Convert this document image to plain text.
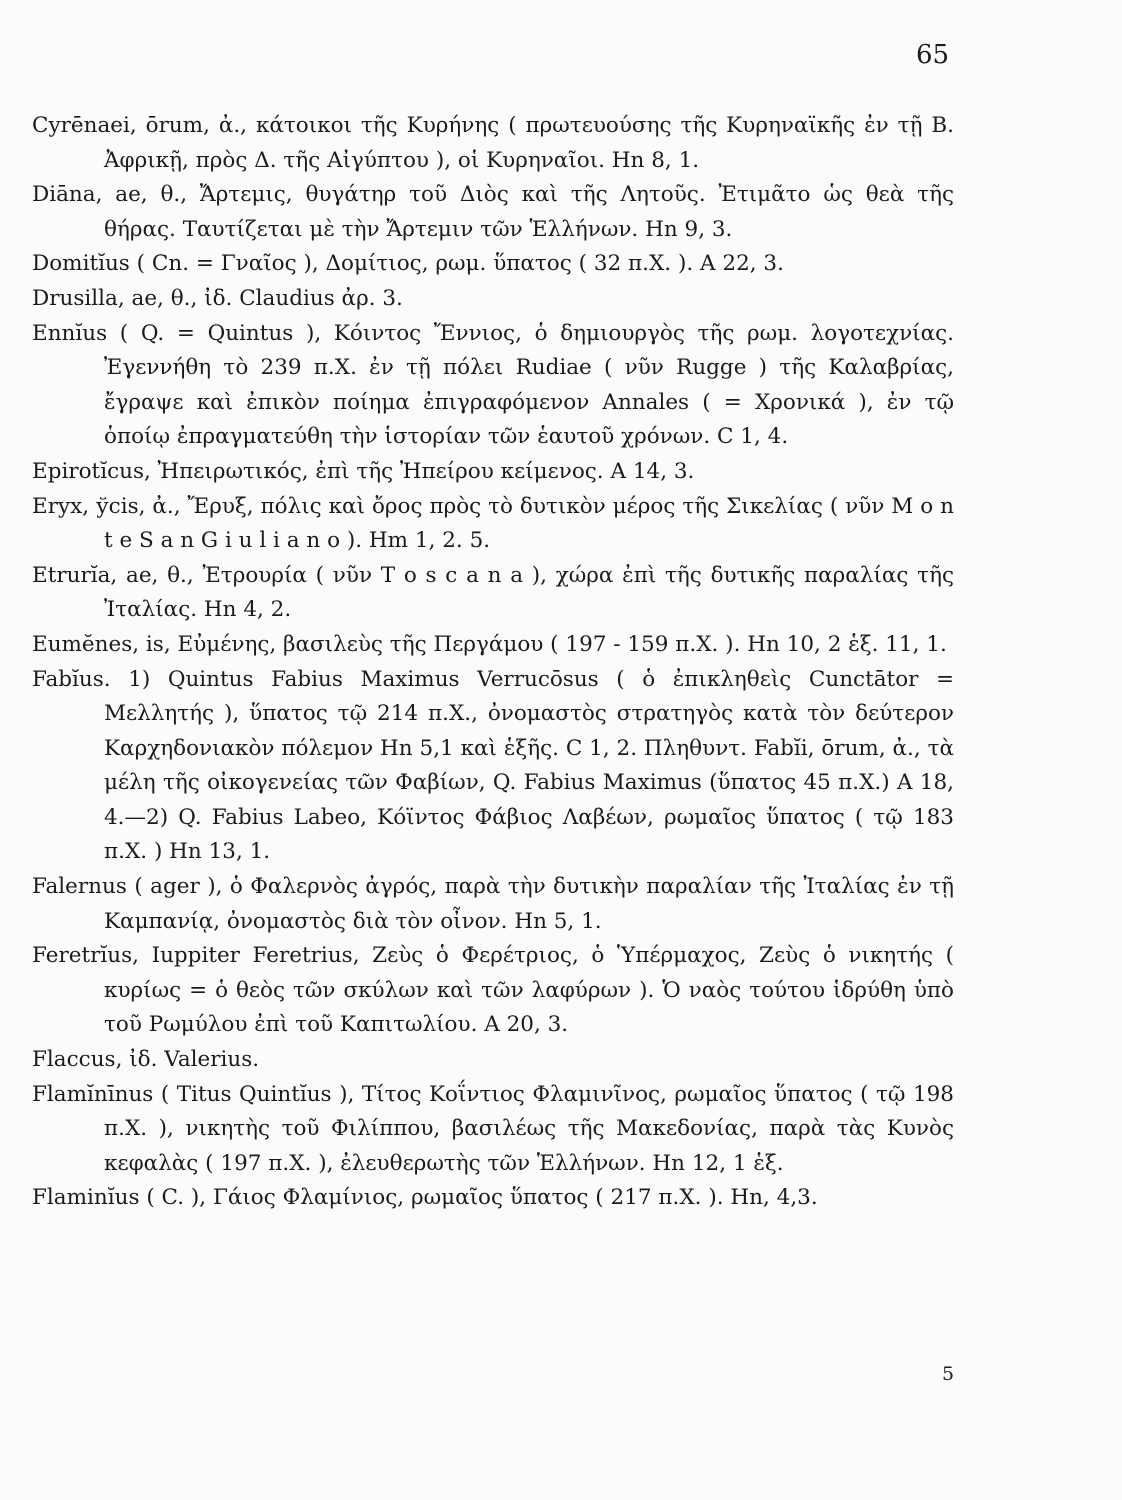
65

Cyrēnaei, ōrum, ἀ., κάτοικοι τῆς Κυρήνης ( πρωτευούσης τῆς Κυρηναϊκῆς ἐν τῇ Β. Ἀφρικῇ, πρὸς Δ. τῆς Αἰγύπτου ), οἱ Κυρηναῖοι. Hn 8, 1.

Diāna, ae, θ., Ἄρτεμις, θυγάτηρ τοῦ Διὸς καὶ τῆς Λητοῦς. Ἐτιμᾶτο ὡς θεὰ τῆς θήρας. Ταυτίζεται μὲ τὴν Ἄρτεμιν τῶν Ἑλλήνων. Hn 9, 3.

Domitĭus ( Cn. = Γναῖος ), Δομίτιος, ρωμ. ὕπατος ( 32 π.Χ. ). A 22, 3.

Drusilla, ae, θ., ἰδ. Claudius ἀρ. 3.

Ennĭus ( Q. = Quintus ), Κόιντος Ἔννιος, ὁ δημιουργὸς τῆς ρωμ. λογοτεχνίας. Ἐγεννήθη τὸ 239 π.Χ. ἐν τῇ πόλει Rudiae ( νῦν Rugge ) τῆς Καλαβρίας, ἔγραψε καὶ ἐπικὸν ποίημα ἐπιγραφόμενον Annales ( = Χρονικά ), ἐν τῷ ὁποίῳ ἐπραγματεύθη τὴν ἱστορίαν τῶν ἑαυτοῦ χρόνων. C 1, 4.

Epirotĭcus, Ἠπειρωτικός, ἐπὶ τῆς Ἠπείρου κείμενος. A 14, 3.

Eryx, ўcis, ἀ., Ἔρυξ, πόλις καὶ ὄρος πρὸς τὸ δυτικὸν μέρος τῆς Σικελίας ( νῦν M o n t e S a n G i u l i a n o ). Hm 1, 2. 5.

Etrurĭa, ae, θ., Ἐτρουρία ( νῦν T o s c a n a ), χώρα ἐπὶ τῆς δυτικῆς παραλίας τῆς Ἰταλίας. Hn 4, 2.

Eumĕnes, is, Εὐμένης, βασιλεὺς τῆς Περγάμου ( 197 - 159 π.Χ. ). Hn 10, 2 ἑξ. 11, 1.

Fabĭus. 1) Quintus Fabius Maximus Verrucōsus ( ὁ ἐπικληθεὶς Cunctātor = Μελλητής ), ὕπατος τῷ 214 π.Χ., ὀνομαστὸς στρατηγὸς κατὰ τὸν δεύτερον Καρχηδονιακὸν πόλεμον Hn 5,1 καὶ ἑξῆς. C 1, 2. Πληθυντ. Fabĭi, ōrum, ἀ., τὰ μέλη τῆς οἰκογενείας τῶν Φαβίων, Q. Fabius Maximus (ὕπατος 45 π.Χ.) A 18, 4.—2) Q. Fabius Labeo, Κόϊντος Φάβιος Λαβέων, ρωμαῖος ὕπατος ( τῷ 183 π.Χ. ) Hn 13, 1.

Falernus ( ager ), ὁ Φαλερνὸς ἀγρός, παρὰ τὴν δυτικὴν παραλίαν τῆς Ἰταλίας ἐν τῇ Καμπανίᾳ, ὀνομαστὸς διὰ τὸν οἶνον. Hn 5, 1.

Feretrĭus, Iuppiter Feretrius, Ζεὺς ὁ Φερέτριος, ὁ Ὑπέρμαχος, Ζεὺς ὁ νικητής ( κυρίως = ὁ θεὸς τῶν σκύλων καὶ τῶν λαφύρων ). Ὁ ναὸς τούτου ἱδρύθη ὑπὸ τοῦ Ρωμύλου ἐπὶ τοῦ Καπιτωλίου. A 20, 3.

Flaccus, ἰδ. Valerius.

Flamĭnīnus ( Titus Quintĭus ), Τίτος Κοΐντιος Φλαμινῖνος, ρωμαῖος ὕπατος ( τῷ 198 π.Χ. ), νικητὴς τοῦ Φιλίππου, βασιλέως τῆς Μακεδονίας, παρὰ τὰς Κυνὸς κεφαλὰς ( 197 π.Χ. ), ἐλευθερωτὴς τῶν Ἑλλήνων. Hn 12, 1 ἑξ.

Flaminĭus ( C. ), Γάιος Φλαμίνιος, ρωμαῖος ὕπατος ( 217 π.Χ. ). Hn, 4,3.

5
